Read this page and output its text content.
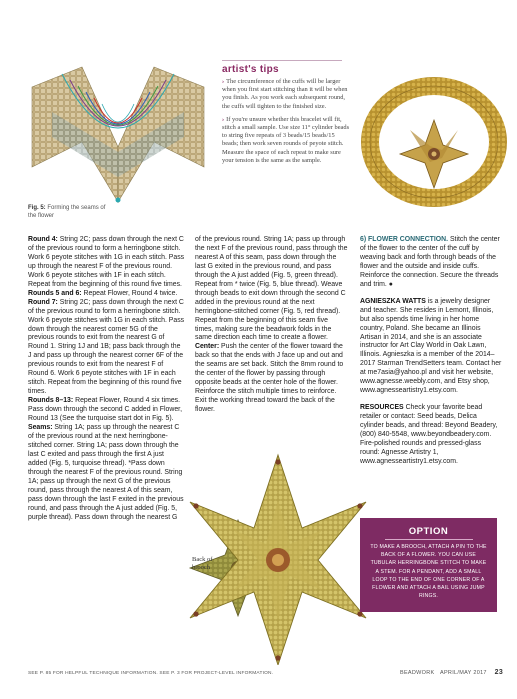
Fig. 5: Forming the seams of the flower
artist's tips

› The circumference of the cuffs will be larger when you first start stitching than it will be when you finish. As you work each subsequent round, the cuffs will tighten to the finished size.

› If you're unsure whether this bracelet will fit, stitch a small sample. Use size 11° cylinder beads to string five repeats of 3 beads/15 beads/15 beads; then work seven rounds of peyote stitch. Measure the space of each repeat to make sure your tension is the same as the sample.

Round 4: String 2C; pass down through the next C of the previous round to form a herringbone stitch. Work 6 peyote stitches with 1G in each stitch. Pass up through the nearest F of the previous round. Work 6 peyote stitches with 1F in each stitch. Repeat from the beginning of this round five times.

Rounds 5 and 6: Repeat Flower, Round 4 twice.

Round 7: String 2C; pass down through the next C of the previous round to form a herringbone stitch. Work 6 peyote stitches with 1G in each stitch. Pass down through the nearest corner 5G of the previous rounds to exit from the nearest G of Round 1. String 1J and 1B; pass back through the J and pass up through the nearest corner 6F of the previous rounds to exit from the nearest F of Round 6. Work 6 peyote stitches with 1F in each stitch. Repeat from the beginning of this round five times.

Rounds 8–13: Repeat Flower, Round 4 six times. Pass down through the second C added in Flower, Round 13 (See the turquoise start dot in Fig. 5).

Seams: String 1A; pass up through the nearest C of the previous round at the next herringbone-stitched corner. String 1A; pass down through the last C exited and pass through the first A just added (Fig. 5, turquoise thread). *Pass down through the nearest F of the previous round. String 1A; pass up through the next G of the previous round, pass through the nearest A of this seam, pass down through the last F exited in the previous round, and pass through the A just added (Fig. 5, purple thread). Pass down through the nearest G

of the previous round. String 1A; pass up through the next F of the previous round, pass through the nearest A of this seam, pass down through the last G exited in the previous round, and pass through the A just added (Fig. 5, green thread). Repeat from * twice (Fig. 5, blue thread). Weave through beads to exit down through the second C added in the previous round at the next herringbone-stitched corner (Fig. 5, red thread). Repeat from the beginning of this seam five times, making sure the beadwork folds in the same direction each time to create a flower.

Center: Push the center of the flower toward the back so that the ends with J face up and out and the seams are set back. Stitch the 8mm round to the center of the flower by passing through opposite beads at the center hole of the flower. Reinforce the stitch multiple times to reinforce. Exit the working thread toward the back of the flower.

6) FLOWER CONNECTION. Stitch the center of the flower to the center of the cuff by weaving back and forth through beads of the flower and the outside and inside cuffs. Reinforce the connection. Secure the threads and trim. ●

AGNIESZKA WATTS is a jewelry designer and teacher. She resides in Lemont, Illinois, but also spends time living in her home country, Poland. She became an Illinois Artisan in 2014, and she is an associate instructor for Art Clay World in Oak Lawn, Illinois. Agnieszka is a member of the 2014–2017 Starman TrendSetters team. Contact her at me7asia@yahoo.pl and visit her website, www.agnesse.weebly.com, and Etsy shop, www.agnesseartistry1.etsy.com.

RESOURCES Check your favorite bead retailer or contact: Seed beads, Delica cylinder beads, and thread: Beyond Beadery, (800) 840-5548, www.beyondbeadery.com. Fire-polished rounds and pressed-glass round: Agnesse Artistry 1, www.agnesseartistry1.etsy.com.

Back of
brooch
OPTION
TO MAKE A BROOCH, ATTACH A PIN TO THE BACK OF A FLOWER. YOU CAN USE TUBULAR HERRINGBONE STITCH TO MAKE A STEM. FOR A PENDANT, ADD A SMALL LOOP TO THE END OF ONE CORNER OF A FLOWER AND ATTACH A BAIL USING JUMP RINGS.
SEE P. 85 FOR HELPFUL TECHNIQUE INFORMATION. SEE P. 3 FOR PROJECT-LEVEL INFORMATION.	BEADWORK APRIL/MAY 2017 23
